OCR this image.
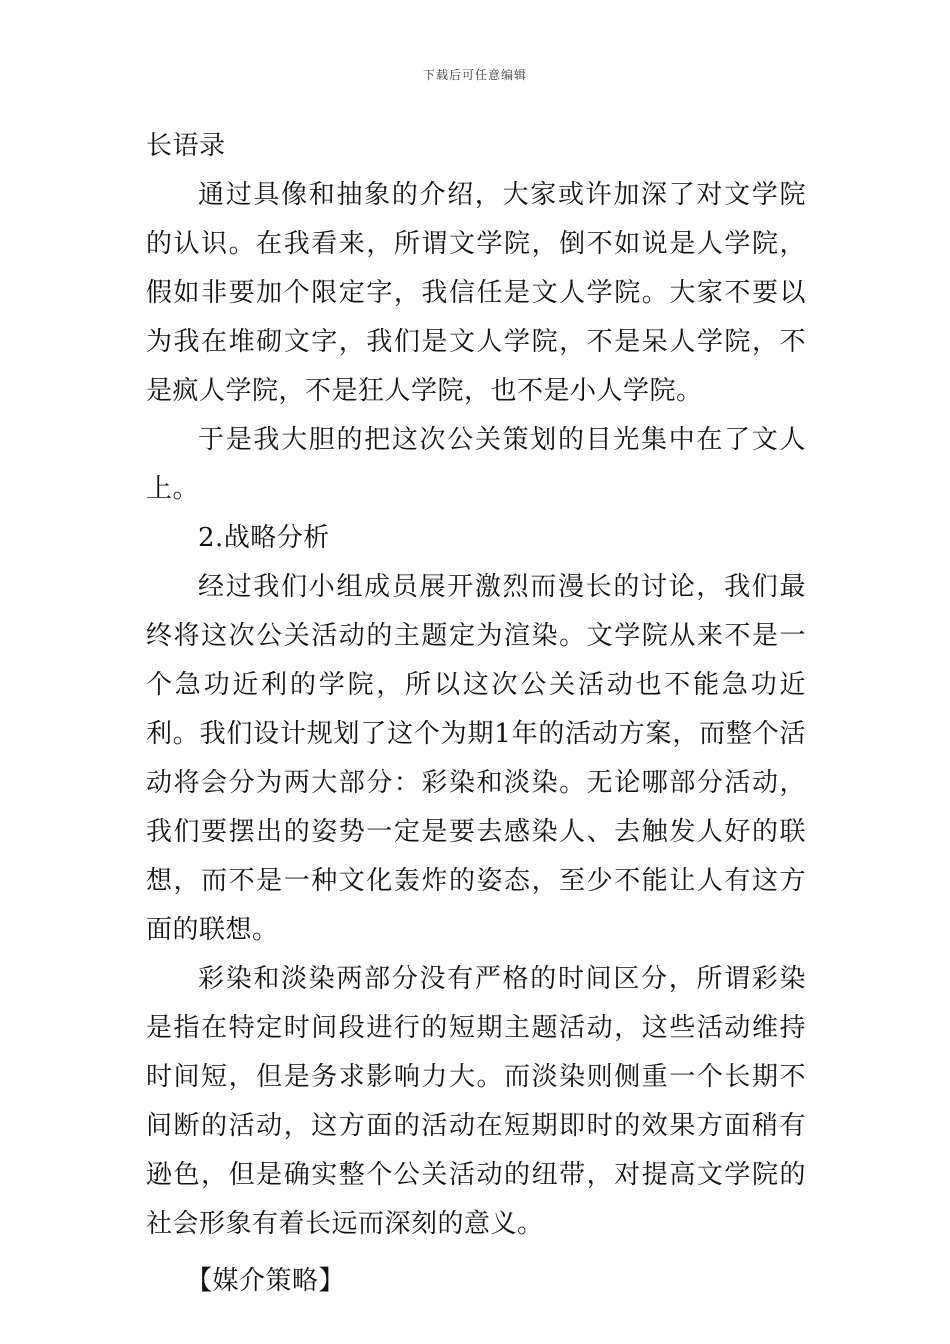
下载后可任意编辑

长语录

通过具像和抽象的介绍，大家或许加深了对文学院的认识。在我看来，所谓文学院，倒不如说是人学院，假如非要加个限定字，我信任是文人学院。大家不要以为我在堆砌文字，我们是文人学院，不是呆人学院，不是疯人学院，不是狂人学院，也不是小人学院。

于是我大胆的把这次公关策划的目光集中在了文人上。

2.战略分析

经过我们小组成员展开激烈而漫长的讨论，我们最终将这次公关活动的主题定为渲染。文学院从来不是一个急功近利的学院，所以这次公关活动也不能急功近利。我们设计规划了这个为期1年的活动方案，而整个活动将会分为两大部分：彩染和淡染。无论哪部分活动，我们要摆出的姿势一定是要去感染人、去触发人好的联想，而不是一种文化轰炸的姿态，至少不能让人有这方面的联想。

彩染和淡染两部分没有严格的时间区分，所谓彩染是指在特定时间段进行的短期主题活动，这些活动维持时间短，但是务求影响力大。而淡染则侧重一个长期不间断的活动，这方面的活动在短期即时的效果方面稍有逊色，但是确实整个公关活动的纽带，对提高文学院的社会形象有着长远而深刻的意义。

【媒介策略】
